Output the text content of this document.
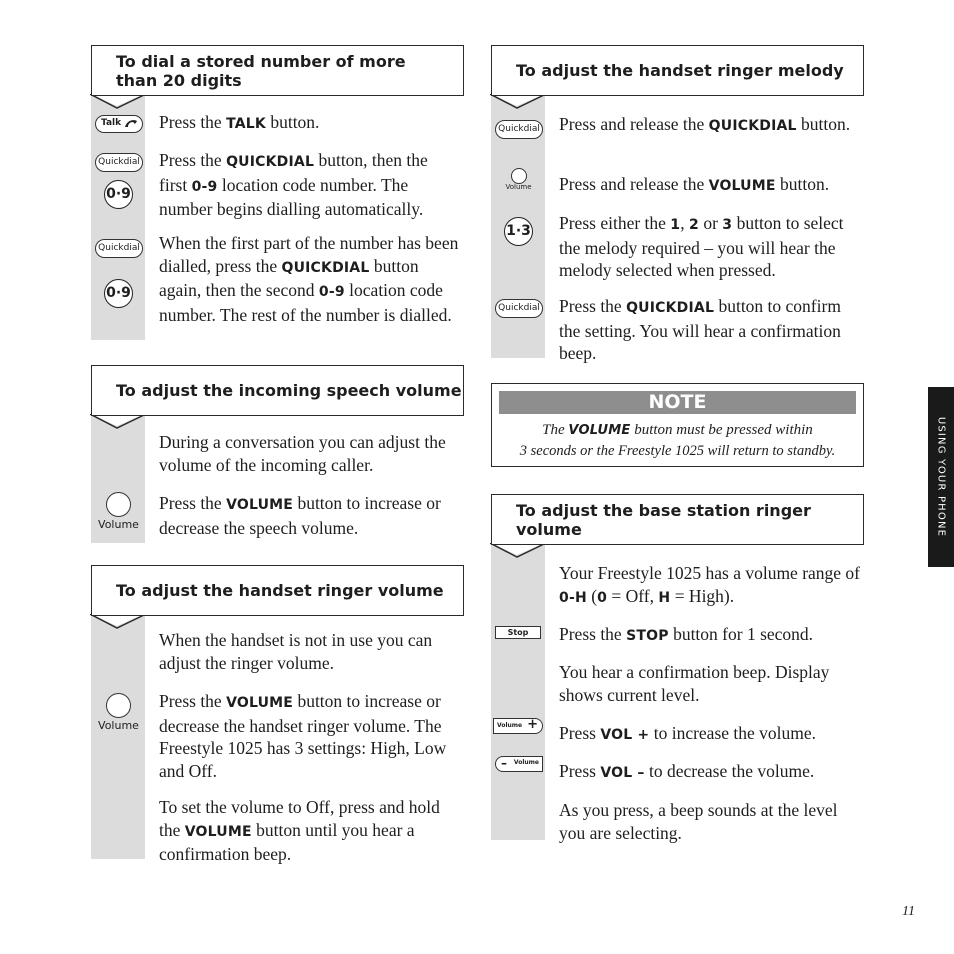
To dial a stored number of more
than 20 digits
Talk	Press the TALK button.
Quickdial
0·9
Press the QUICKDIAL button, then the first 0-9 location code number. The number begins dialling automatically.
Quickdial
0·9
When the first part of the number has been dialled, press the QUICKDIAL button again, then the second 0-9 location code number. The rest of the number is dialled.
To adjust the incoming speech volume
During a conversation you can adjust the volume of the incoming caller.
Volume
Press the VOLUME button to increase or decrease the speech volume.
To adjust the handset ringer volume
When the handset is not in use you can adjust the ringer volume.
Volume
Press the VOLUME button to increase or decrease the handset ringer volume. The Freestyle 1025 has 3 settings: High, Low and Off.
To set the volume to Off, press and hold the VOLUME button until you hear a confirmation beep.
To adjust the handset ringer melody
Quickdial Press and release the QUICKDIAL button.
Volume	Press and release the VOLUME button.
1·3 Press either the 1, 2 or 3 button to select the melody required – you will hear the melody selected when pressed.
Quickdial Press the QUICKDIAL button to confirm the setting. You will hear a confirmation beep.
NOTE
The VOLUME button must be pressed within
3 seconds or the Freestyle 1025 will return to standby.
To adjust the base station ringer volume
Your Freestyle 1025 has a volume range of 0-H (0 = Off, H = High).
Stop	Press the STOP button for 1 second.
You hear a confirmation beep. Display shows current level.
Volume + Press VOL + to increase the volume.
– Volume Press VOL – to decrease the volume.
As you press, a beep sounds at the level you are selecting.
USING YOUR PHONE
11
